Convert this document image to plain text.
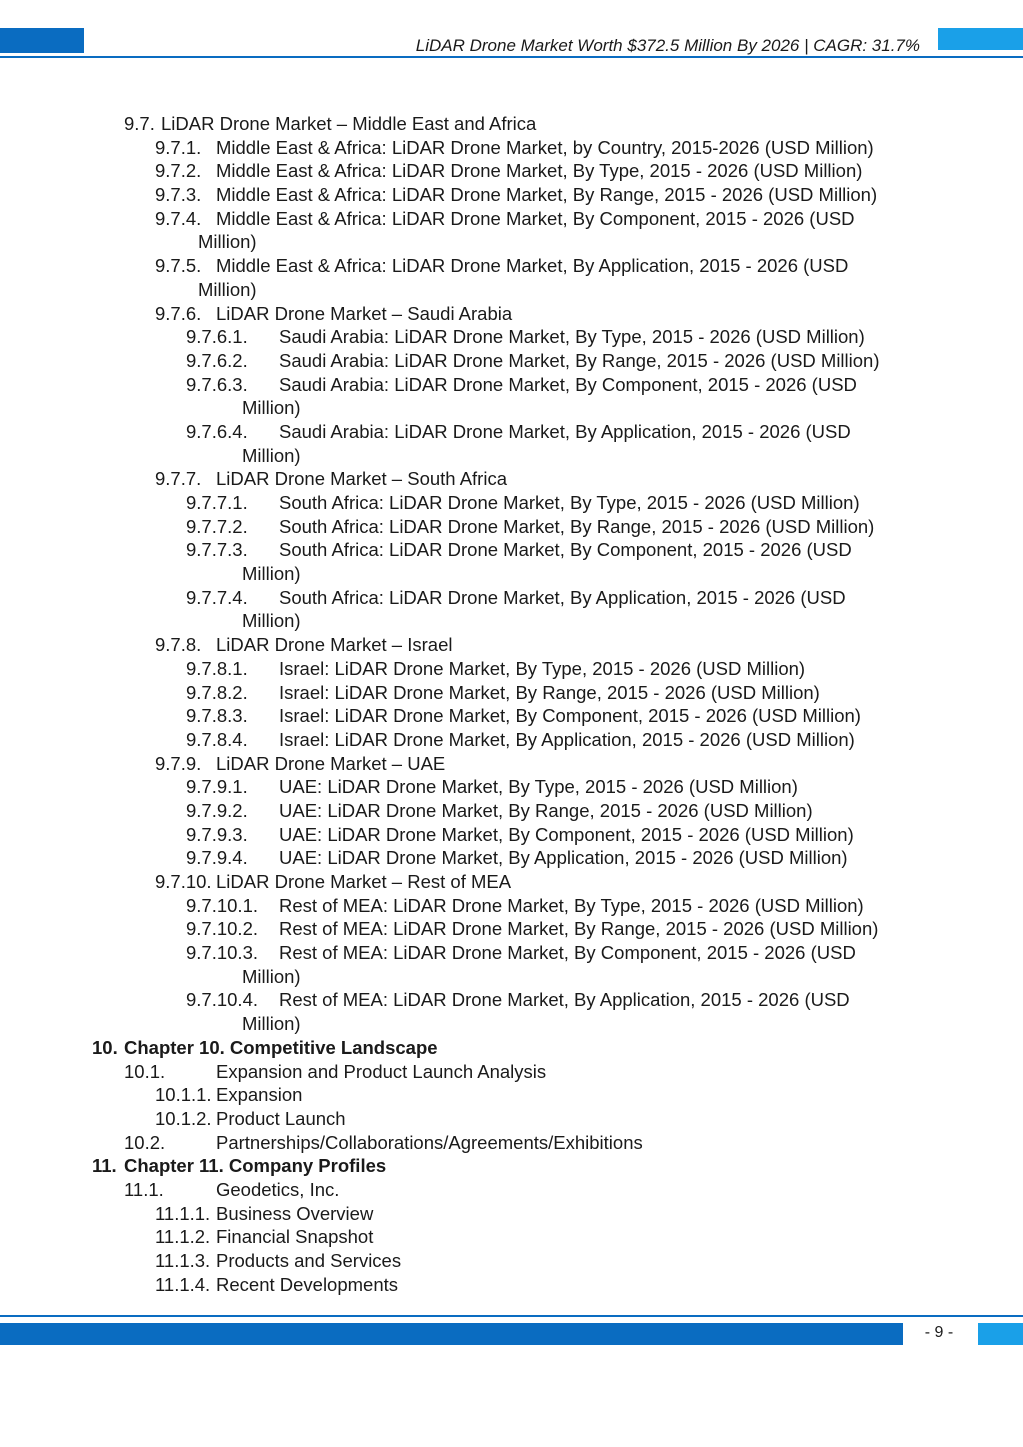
LiDAR Drone Market Worth $372.5 Million By 2026 | CAGR: 31.7%
9.7. LiDAR Drone Market – Middle East and Africa
9.7.1. Middle East & Africa: LiDAR Drone Market, by Country, 2015-2026 (USD Million)
9.7.2. Middle East & Africa: LiDAR Drone Market, By Type, 2015 - 2026 (USD Million)
9.7.3. Middle East & Africa: LiDAR Drone Market, By Range, 2015 - 2026 (USD Million)
9.7.4. Middle East & Africa: LiDAR Drone Market, By Component, 2015 - 2026 (USD
Million)
9.7.5. Middle East & Africa: LiDAR Drone Market, By Application, 2015 - 2026 (USD
Million)
9.7.6. LiDAR Drone Market – Saudi Arabia
9.7.6.1. Saudi Arabia: LiDAR Drone Market, By Type, 2015 - 2026 (USD Million)
9.7.6.2. Saudi Arabia: LiDAR Drone Market, By Range, 2015 - 2026 (USD Million)
9.7.6.3. Saudi Arabia: LiDAR Drone Market, By Component, 2015 - 2026 (USD
Million)
9.7.6.4. Saudi Arabia: LiDAR Drone Market, By Application, 2015 - 2026 (USD
Million)
9.7.7. LiDAR Drone Market – South Africa
9.7.7.1. South Africa: LiDAR Drone Market, By Type, 2015 - 2026 (USD Million)
9.7.7.2. South Africa: LiDAR Drone Market, By Range, 2015 - 2026 (USD Million)
9.7.7.3. South Africa: LiDAR Drone Market, By Component, 2015 - 2026 (USD
Million)
9.7.7.4. South Africa: LiDAR Drone Market, By Application, 2015 - 2026 (USD
Million)
9.7.8. LiDAR Drone Market – Israel
9.7.8.1. Israel: LiDAR Drone Market, By Type, 2015 - 2026 (USD Million)
9.7.8.2. Israel: LiDAR Drone Market, By Range, 2015 - 2026 (USD Million)
9.7.8.3. Israel: LiDAR Drone Market, By Component, 2015 - 2026 (USD Million)
9.7.8.4. Israel: LiDAR Drone Market, By Application, 2015 - 2026 (USD Million)
9.7.9. LiDAR Drone Market – UAE
9.7.9.1. UAE: LiDAR Drone Market, By Type, 2015 - 2026 (USD Million)
9.7.9.2. UAE: LiDAR Drone Market, By Range, 2015 - 2026 (USD Million)
9.7.9.3. UAE: LiDAR Drone Market, By Component, 2015 - 2026 (USD Million)
9.7.9.4. UAE: LiDAR Drone Market, By Application, 2015 - 2026 (USD Million)
9.7.10. LiDAR Drone Market – Rest of MEA
9.7.10.1. Rest of MEA: LiDAR Drone Market, By Type, 2015 - 2026 (USD Million)
9.7.10.2. Rest of MEA: LiDAR Drone Market, By Range, 2015 - 2026 (USD Million)
9.7.10.3. Rest of MEA: LiDAR Drone Market, By Component, 2015 - 2026 (USD
Million)
9.7.10.4. Rest of MEA: LiDAR Drone Market, By Application, 2015 - 2026 (USD
Million)
10. Chapter 10. Competitive Landscape
10.1.	Expansion and Product Launch Analysis
10.1.1. Expansion
10.1.2. Product Launch
10.2.	Partnerships/Collaborations/Agreements/Exhibitions
11. Chapter 11. Company Profiles
11.1.	Geodetics, Inc.
11.1.1. Business Overview
11.1.2. Financial Snapshot
11.1.3. Products and Services
11.1.4. Recent Developments
- 9 -
